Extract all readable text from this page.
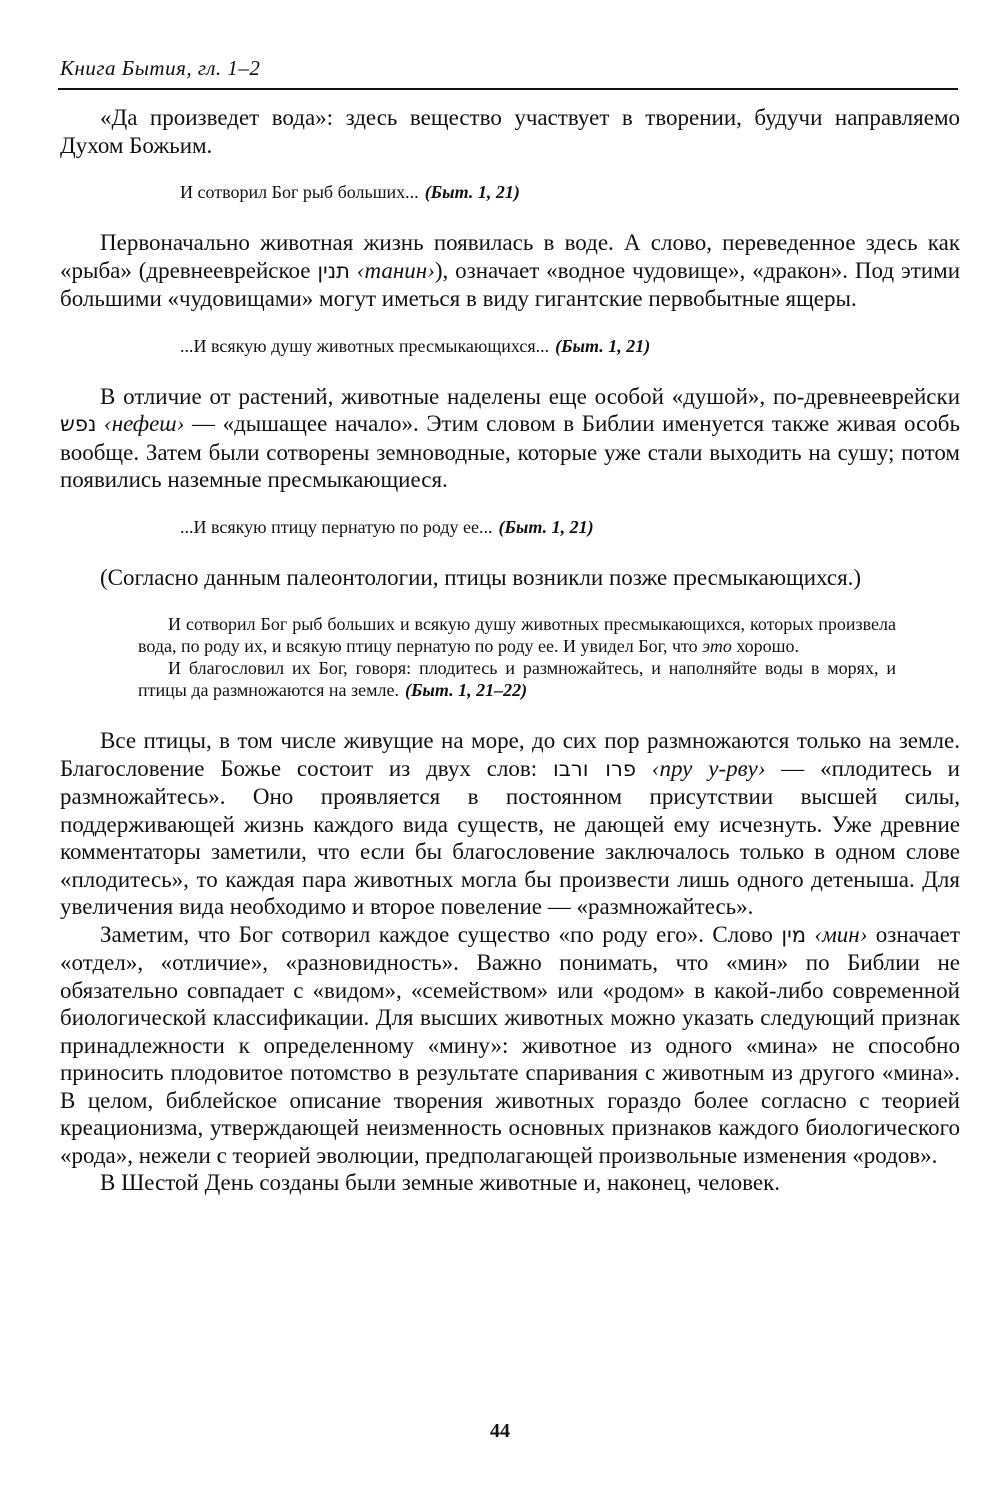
Книга Бытия, гл. 1–2

«Да произведет вода»: здесь вещество участвует в творении, будучи направляемо Духом Божьим.

И сотворил Бог рыб больших... (Быт. 1, 21)

Первоначально животная жизнь появилась в воде. А слово, переведенное здесь как «рыба» (древнееврейское תנין ‹танин›), означает «водное чудовище», «дракон». Под этими большими «чудовищами» могут иметься в виду гигантские первобытные ящеры.

...И всякую душу животных пресмыкающихся... (Быт. 1, 21)

В отличие от растений, животные наделены еще особой «душой», по-древнееврейски נפש ‹нефеш› — «дышащее начало». Этим словом в Библии именуется также живая особь вообще. Затем были сотворены земноводные, которые уже стали выходить на сушу; потом появились наземные пресмыкающиеся.

...И всякую птицу пернатую по роду ее... (Быт. 1, 21)

(Согласно данным палеонтологии, птицы возникли позже пресмыкающихся.)

И сотворил Бог рыб больших и всякую душу животных пресмыкающихся, которых произвела вода, по роду их, и всякую птицу пернатую по роду ее. И увидел Бог, что это хорошо.

И благословил их Бог, говоря: плодитесь и размножайтесь, и наполняйте воды в морях, и птицы да размножаются на земле. (Быт. 1, 21–22)

Все птицы, в том числе живущие на море, до сих пор размножаются только на земле. Благословение Божье состоит из двух слов: פרו ורבו ‹пру у-рву› — «плодитесь и размножайтесь». Оно проявляется в постоянном присутствии высшей силы, поддерживающей жизнь каждого вида существ, не дающей ему исчезнуть. Уже древние комментаторы заметили, что если бы благословение заключалось только в одном слове «плодитесь», то каждая пара животных могла бы произвести лишь одного детеныша. Для увеличения вида необходимо и второе повеление — «размножайтесь».

Заметим, что Бог сотворил каждое существо «по роду его». Слово מין ‹мин› означает «отдел», «отличие», «разновидность». Важно понимать, что «мин» по Библии не обязательно совпадает с «видом», «семейством» или «родом» в какой-либо современной биологической классификации. Для высших животных можно указать следующий признак принадлежности к определенному «мину»: животное из одного «мина» не способно приносить плодовитое потомство в результате спаривания с животным из другого «мина». В целом, библейское описание творения животных гораздо более согласно с теорией креационизма, утверждающей неизменность основных признаков каждого биологического «рода», нежели с теорией эволюции, предполагающей произвольные изменения «родов».

В Шестой День созданы были земные животные и, наконец, человек.

44
